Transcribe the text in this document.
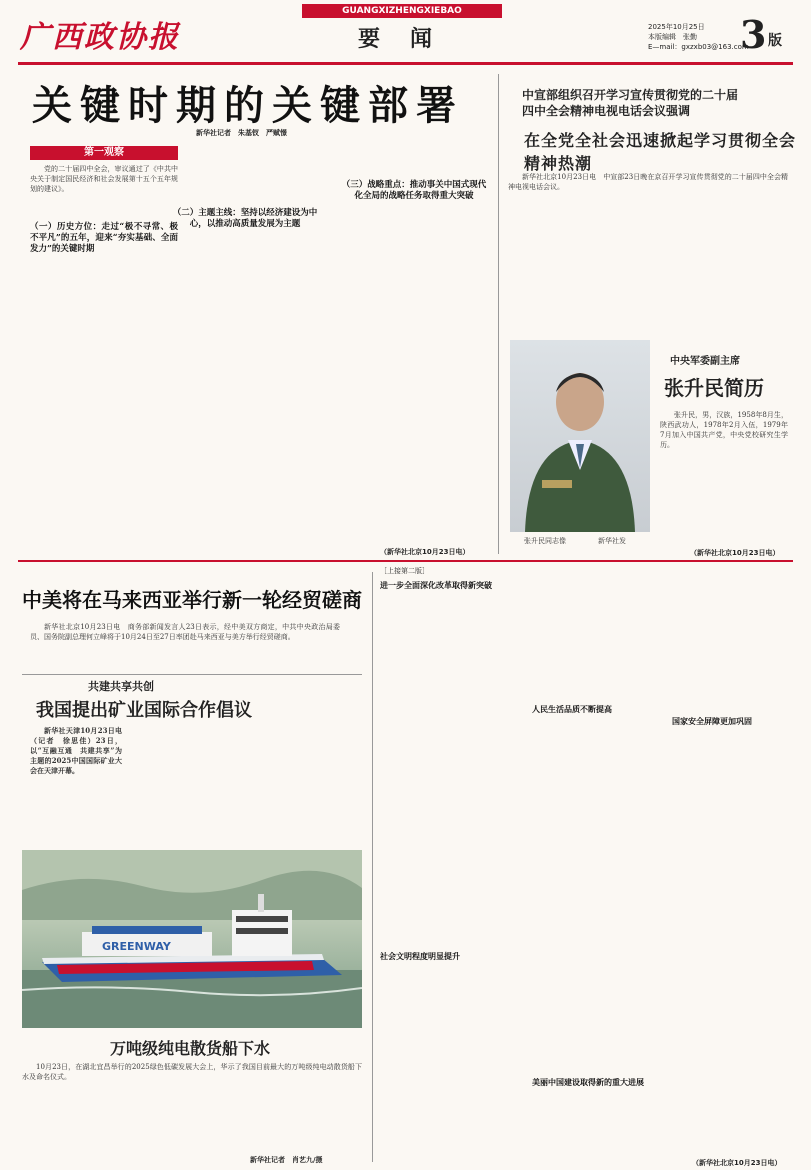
广西政协报
GUANGXIZHENGXIEBAO
要　闻	2025年10月25日
本版编辑　张勤
E—mail：gxzxb03@163.com
3 版
关键时期的关键部署
新华社记者　朱基钗　严赋憬
第一观察

党的二十届四中全会，审议通过了《中共中央关于制定国民经济和社会发展第十五个五年规划的建议》。

（一）历史方位：走过“极不寻常、极不平凡”的五年，迎来“夯实基础、全面发力”的关键时期
（二）主题主线：坚持以经济建设为中心，以推动高质量发展为主题
（三）战略重点：推动事关中国式现代化全局的战略任务取得重大突破
中宣部组织召开学习宣传贯彻党的二十届
四中全会精神电视电话会议强调
在全党全社会迅速掀起学习贯彻全会精神热潮

新华社北京10月23日电　中宣部23日晚在京召开学习宣传贯彻党的二十届四中全会精神电视电话会议。

（新华社北京10月23日电）
张升民同志像	新华社发
中央军委副主席
张升民简历

张升民，男，汉族，1958年8月生，陕西武功人，1978年2月入伍，1979年7月加入中国共产党，中央党校研究生学历。

（新华社北京10月23日电）
中美将在马来西亚举行新一轮经贸磋商

新华社北京10月23日电　商务部新闻发言人23日表示，经中美双方商定，中共中央政治局委员、国务院副总理何立峰将于10月24日至27日率团赴马来西亚与美方举行经贸磋商。

共建共享共创
我国提出矿业国际合作倡议

新华社天津10月23日电（记者　徐思佳）23日，以“互融互通　共建共享”为主题的2025中国国际矿业大会在天津开幕。

GREENWAY
万吨级纯电散货船下水

10月23日，在湖北宜昌举行的2025绿色低碳发展大会上，华示了我国目前最大的万吨级纯电动散货船下水及命名仪式。

新华社记者　肖艺九/摄
［上接第二版］
进一步全面深化改革取得新突破
社会文明程度明显提升
人民生活品质不断提高
美丽中国建设取得新的重大进展
国家安全屏障更加巩固
（新华社北京10月23日电）
